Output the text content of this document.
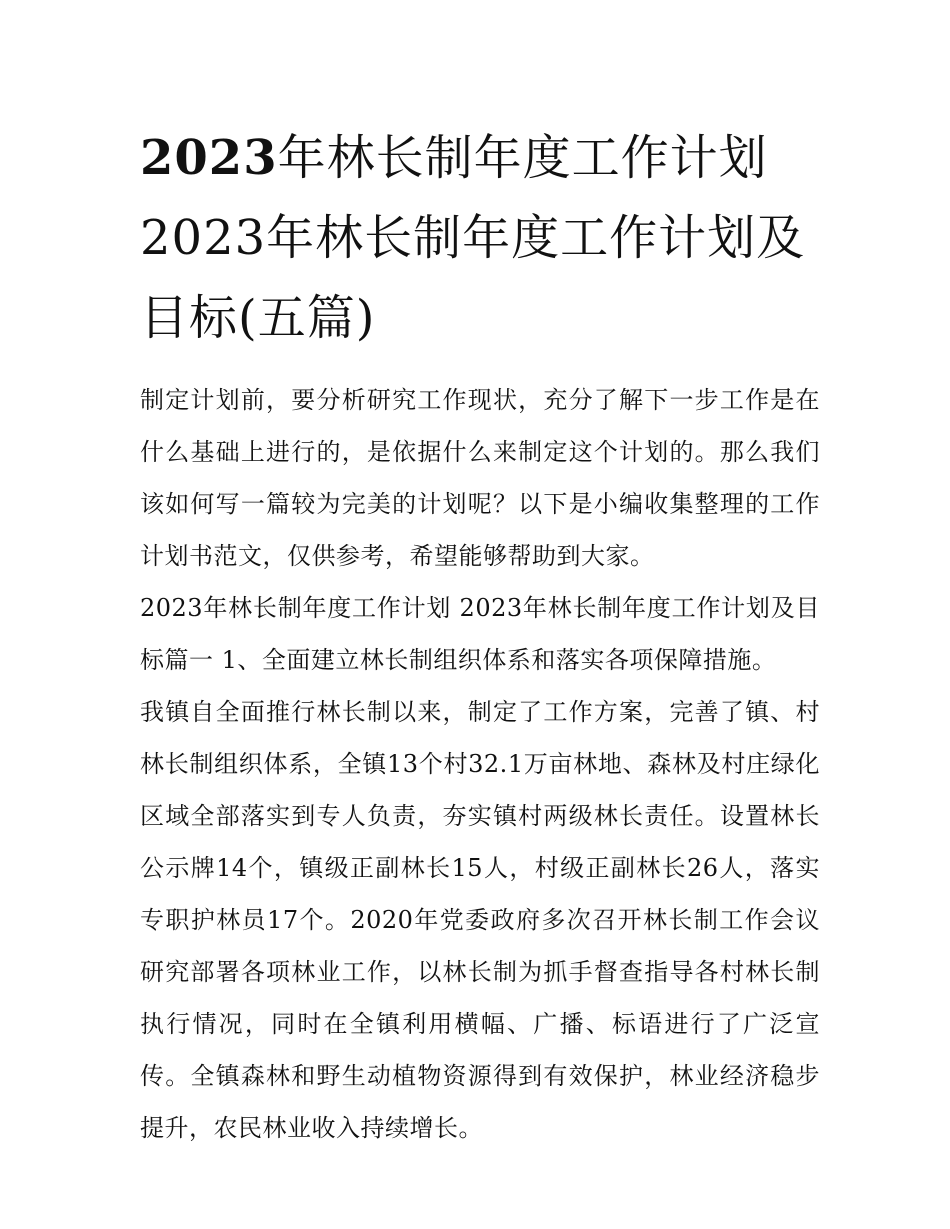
2023年林长制年度工作计划 2023年林长制年度工作计划及目标(五篇)

制定计划前，要分析研究工作现状，充分了解下一步工作是在什么基础上进行的，是依据什么来制定这个计划的。那么我们该如何写一篇较为完美的计划呢？以下是小编收集整理的工作计划书范文，仅供参考，希望能够帮助到大家。

2023年林长制年度工作计划 2023年林长制年度工作计划及目标篇一 1、全面建立林长制组织体系和落实各项保障措施。

我镇自全面推行林长制以来，制定了工作方案，完善了镇、村林长制组织体系，全镇13个村32.1万亩林地、森林及村庄绿化区域全部落实到专人负责，夯实镇村两级林长责任。设置林长公示牌14个，镇级正副林长15人，村级正副林长26人，落实专职护林员17个。2020年党委政府多次召开林长制工作会议研究部署各项林业工作，以林长制为抓手督查指导各村林长制执行情况，同时在全镇利用横幅、广播、标语进行了广泛宣传。全镇森林和野生动植物资源得到有效保护，林业经济稳步提升，农民林业收入持续增长。
